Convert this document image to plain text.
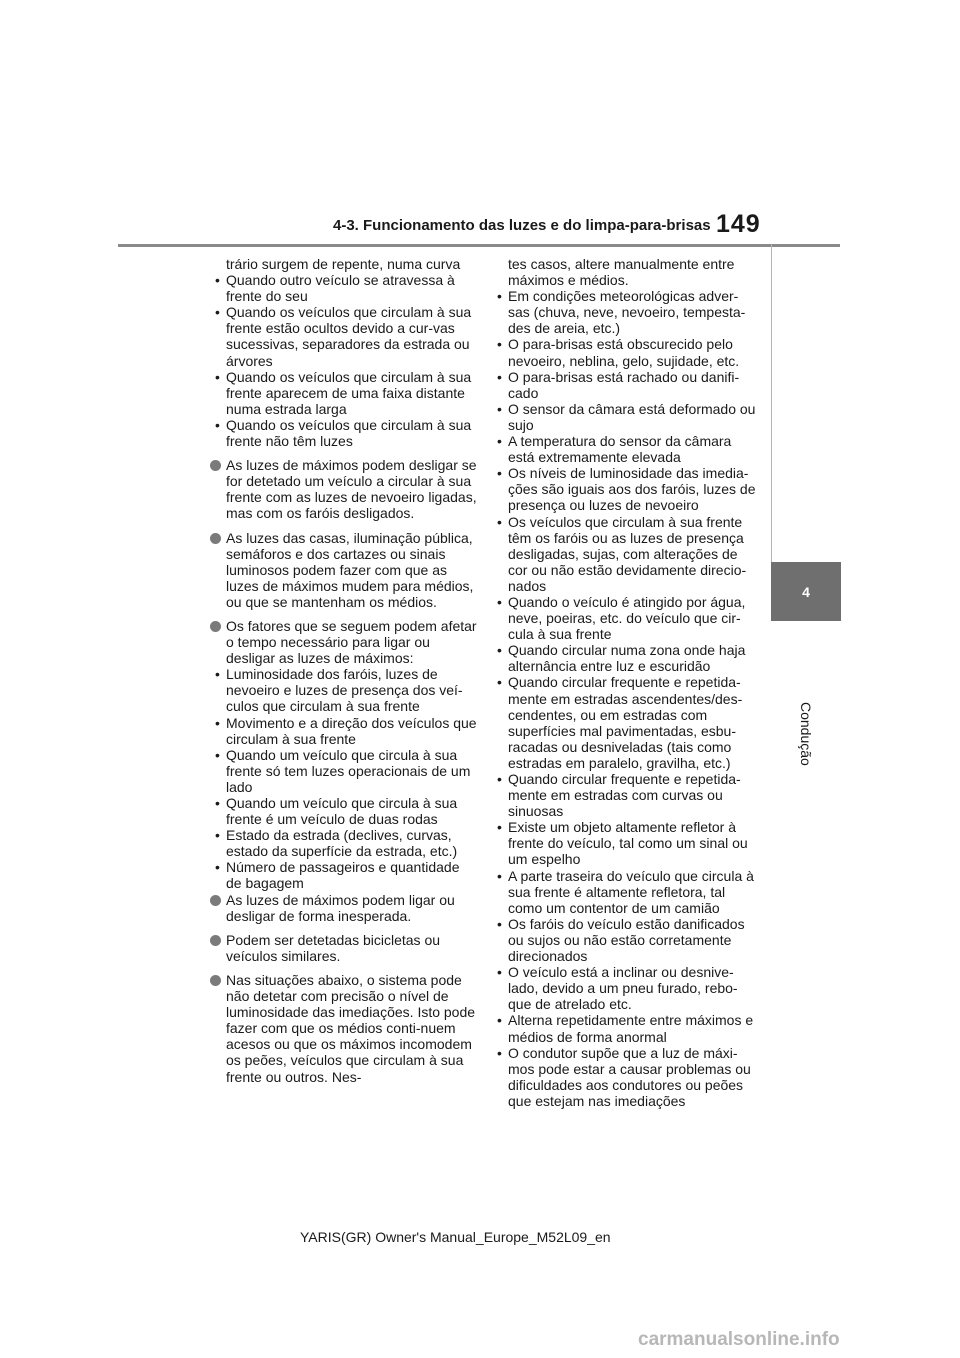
4-3. Funcionamento das luzes e do limpa-para-brisas 149
4
Condução
trário surgem de repente, numa curva
• Quando outro veículo se atravessa à frente do seu
• Quando os veículos que circulam à sua frente estão ocultos devido a cur-vas sucessivas, separadores da estrada ou árvores
• Quando os veículos que circulam à sua frente aparecem de uma faixa distante numa estrada larga
• Quando os veículos que circulam à sua frente não têm luzes
As luzes de máximos podem desligar se for detetado um veículo a circular à sua frente com as luzes de nevoeiro ligadas, mas com os faróis desligados.
As luzes das casas, iluminação pública, semáforos e dos cartazes ou sinais luminosos podem fazer com que as luzes de máximos mudem para médios, ou que se mantenham os médios.
Os fatores que se seguem podem afetar o tempo necessário para ligar ou desligar as luzes de máximos:
• Luminosidade dos faróis, luzes de nevoeiro e luzes de presença dos veí-culos que circulam à sua frente
• Movimento e a direção dos veículos que circulam à sua frente
• Quando um veículo que circula à sua frente só tem luzes operacionais de um lado
• Quando um veículo que circula à sua frente é um veículo de duas rodas
• Estado da estrada (declives, curvas, estado da superfície da estrada, etc.)
• Número de passageiros e quantidade de bagagem
As luzes de máximos podem ligar ou desligar de forma inesperada.
Podem ser detetadas bicicletas ou veículos similares.
Nas situações abaixo, o sistema pode não detetar com precisão o nível de luminosidade das imediações. Isto pode fazer com que os médios conti-nuem acesos ou que os máximos incomodem os peões, veículos que circulam à sua frente ou outros. Nes-
tes casos, altere manualmente entre máximos e médios.
• Em condições meteorológicas adver-sas (chuva, neve, nevoeiro, tempesta-des de areia, etc.)
• O para-brisas está obscurecido pelo nevoeiro, neblina, gelo, sujidade, etc.
• O para-brisas está rachado ou danifi-cado
• O sensor da câmara está deformado ou sujo
• A temperatura do sensor da câmara está extremamente elevada
• Os níveis de luminosidade das imedia-ções são iguais aos dos faróis, luzes de presença ou luzes de nevoeiro
• Os veículos que circulam à sua frente têm os faróis ou as luzes de presença desligadas, sujas, com alterações de cor ou não estão devidamente direcio-nados
• Quando o veículo é atingido por água, neve, poeiras, etc. do veículo que cir-cula à sua frente
• Quando circular numa zona onde haja alternância entre luz e escuridão
• Quando circular frequente e repetida-mente em estradas ascendentes/des-cendentes, ou em estradas com superfícies mal pavimentadas, esbu-racadas ou desniveladas (tais como estradas em paralelo, gravilha, etc.)
• Quando circular frequente e repetida-mente em estradas com curvas ou sinuosas
• Existe um objeto altamente refletor à frente do veículo, tal como um sinal ou um espelho
• A parte traseira do veículo que circula à sua frente é altamente refletora, tal como um contentor de um camião
• Os faróis do veículo estão danificados ou sujos ou não estão corretamente direcionados
• O veículo está a inclinar ou desnive-lado, devido a um pneu furado, rebo-que de atrelado etc.
• Alterna repetidamente entre máximos e médios de forma anormal
• O condutor supõe que a luz de máxi-mos pode estar a causar problemas ou dificuldades aos condutores ou peões que estejam nas imediações
YARIS(GR) Owner's Manual_Europe_M52L09_en
carmanualsonline.info
